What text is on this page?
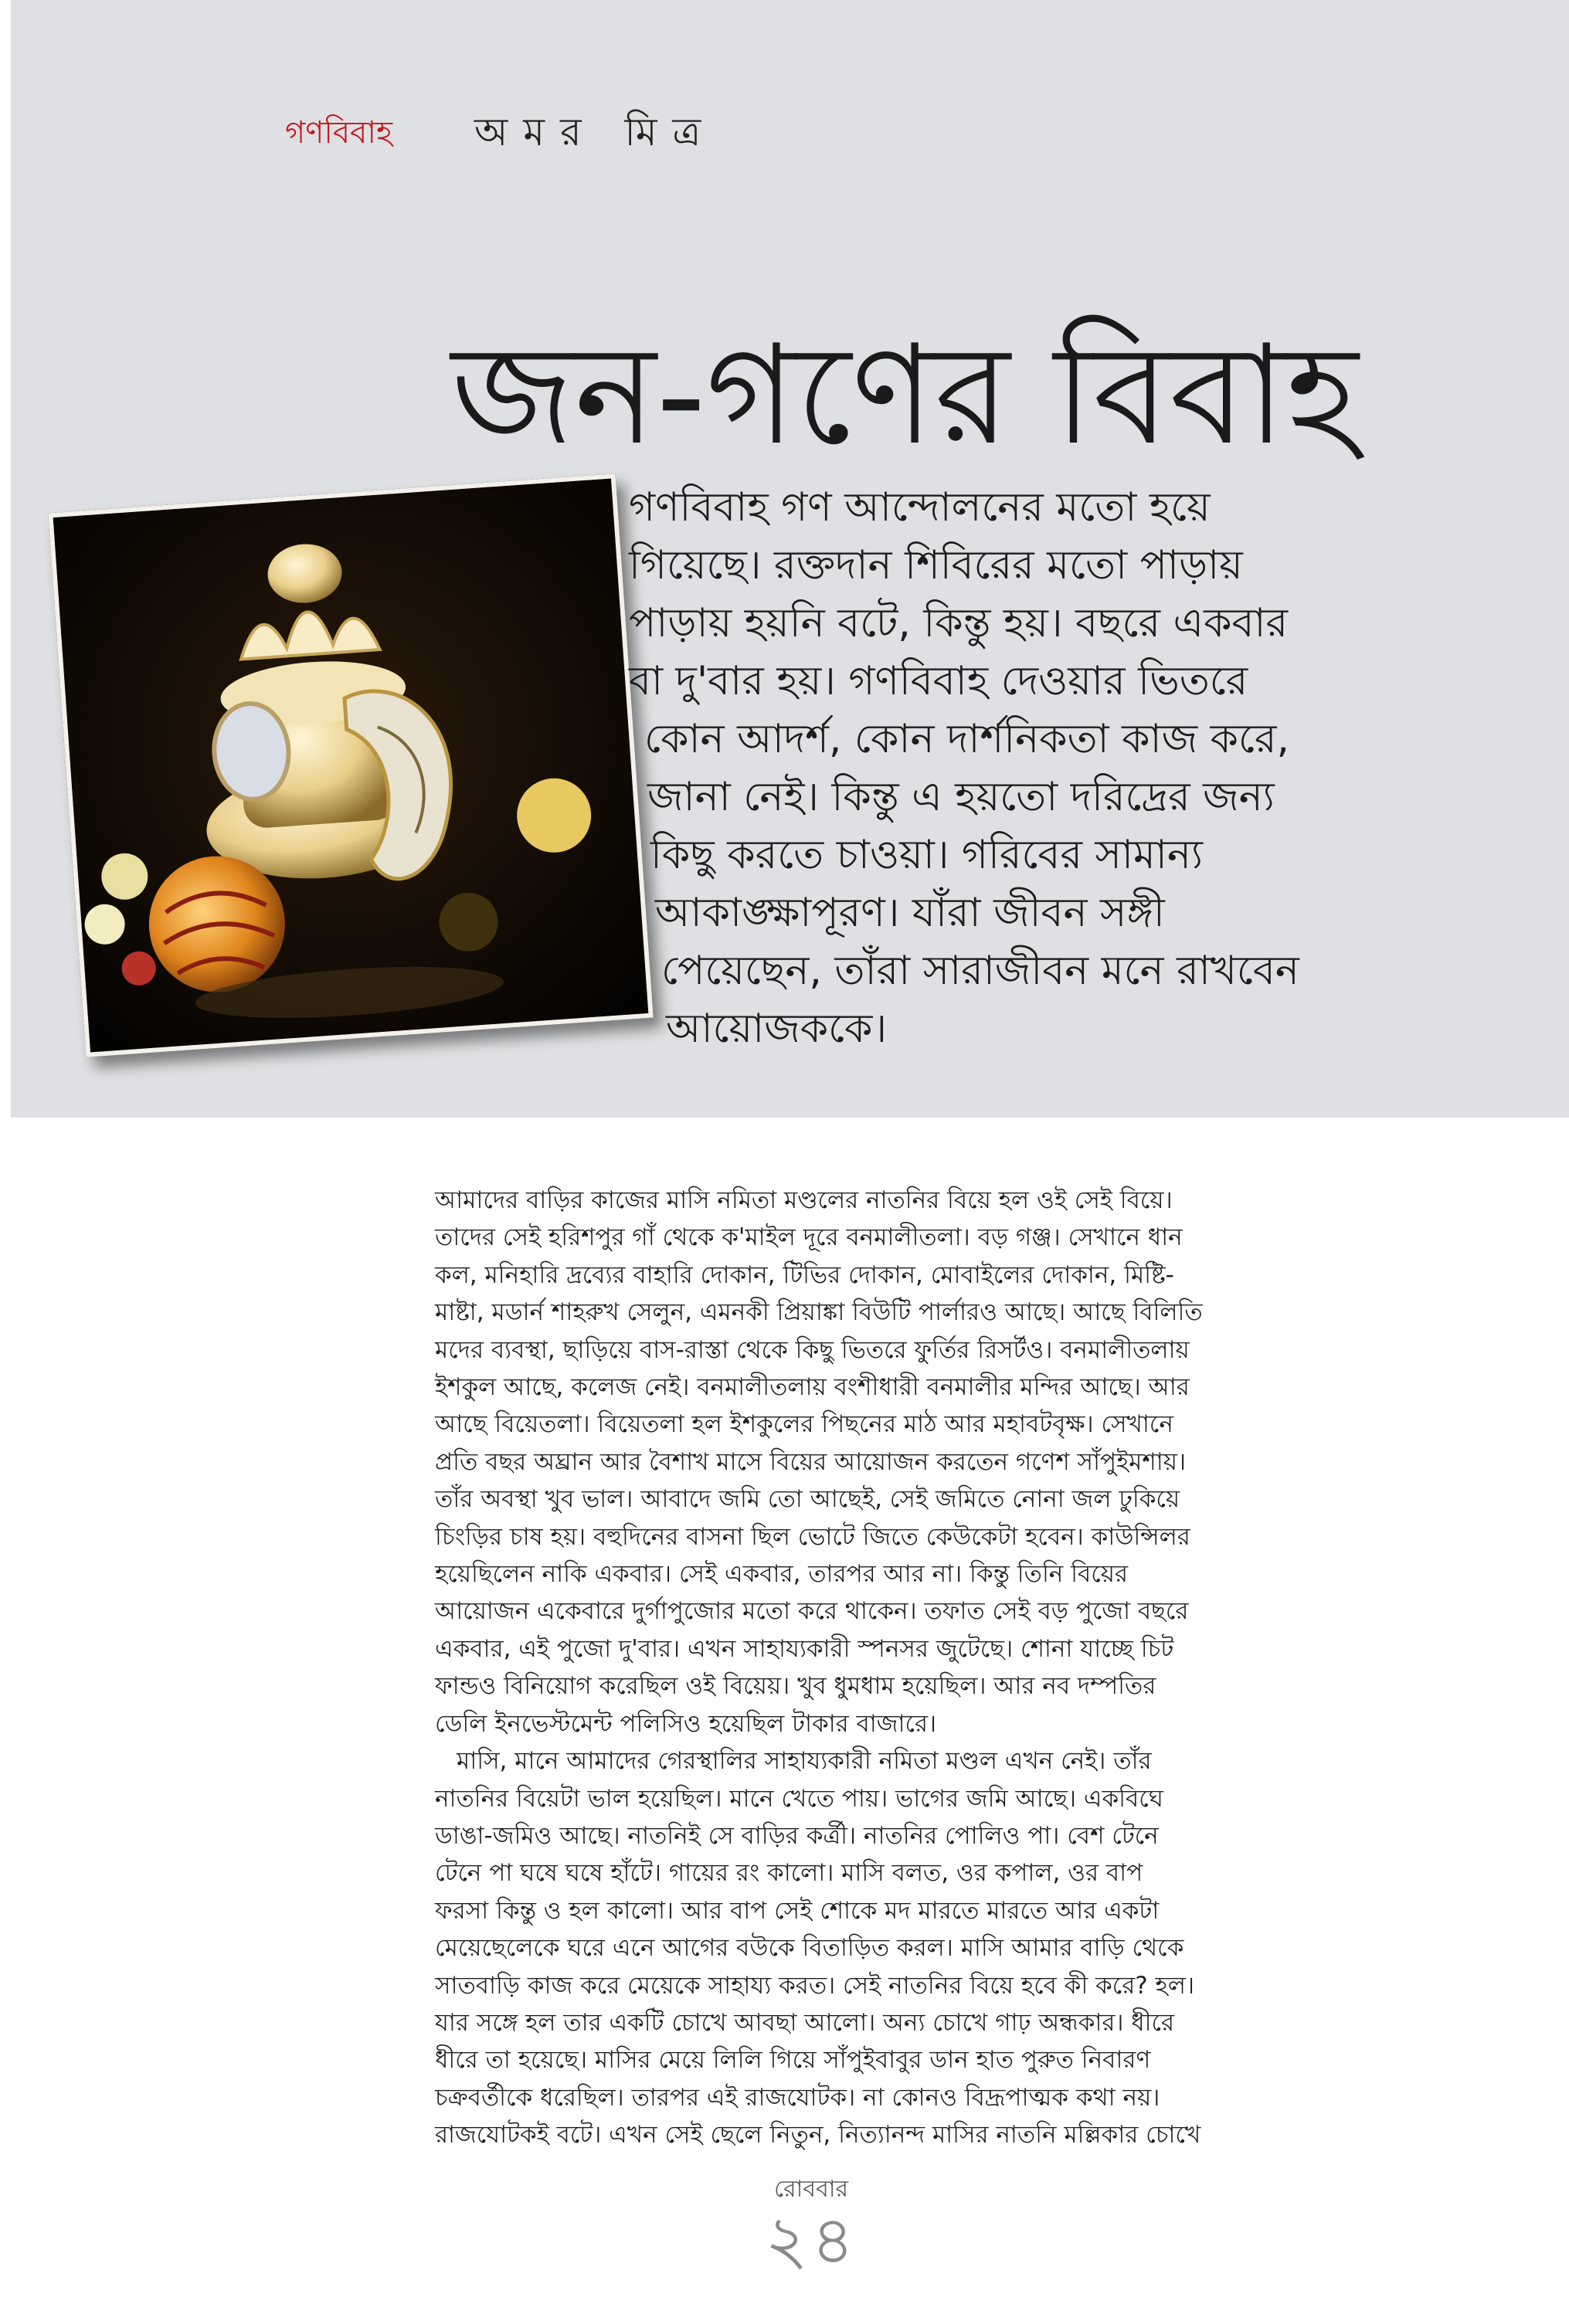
গণবিবাহ অমর মিত্র
জন-গণের বিবাহ
গণবিবাহ গণ আন্দোলনের মতো হয়ে
গিয়েছে। রক্তদান শিবিরের মতো পাড়ায়
পাড়ায় হয়নি বটে, কিন্তু হয়। বছরে একবার
বা দু'বার হয়। গণবিবাহ দেওয়ার ভিতরে
কোন আদর্শ, কোন দার্শনিকতা কাজ করে,
জানা নেই। কিন্তু এ হয়তো দরিদ্রের জন্য
কিছু করতে চাওয়া। গরিবের সামান্য
আকাঙ্ক্ষাপূরণ। যাঁরা জীবন সঙ্গী
পেয়েছেন, তাঁরা সারাজীবন মনে রাখবেন
আয়োজককে।
আমাদের বাড়ির কাজের মাসি নমিতা মণ্ডলের নাতনির বিয়ে হল ওই সেই বিয়ে।
তাদের সেই হরিশপুর গাঁ থেকে ক'মাইল দূরে বনমালীতলা। বড় গঞ্জ। সেখানে ধান
কল, মনিহারি দ্রব্যের বাহারি দোকান, টিভির দোকান, মোবাইলের দোকান, মিষ্টি-
মাষ্টা, মডার্ন শাহরুখ সেলুন, এমনকী প্রিয়াঙ্কা বিউটি পার্লারও আছে। আছে বিলিতি
মদের ব্যবস্থা, ছাড়িয়ে বাস-রাস্তা থেকে কিছু ভিতরে ফুর্তির রিসর্টও। বনমালীতলায়
ইশকুল আছে, কলেজ নেই। বনমালীতলায় বংশীধারী বনমালীর মন্দির আছে। আর
আছে বিয়েতলা। বিয়েতলা হল ইশকুলের পিছনের মাঠ আর মহাবটবৃক্ষ। সেখানে
প্রতি বছর অঘ্রান আর বৈশাখ মাসে বিয়ের আয়োজন করতেন গণেশ সাঁপুইমশায়।
তাঁর অবস্থা খুব ভাল। আবাদে জমি তো আছেই, সেই জমিতে নোনা জল ঢুকিয়ে
চিংড়ির চাষ হয়। বহুদিনের বাসনা ছিল ভোটে জিতে কেউকেটা হবেন। কাউন্সিলর
হয়েছিলেন নাকি একবার। সেই একবার, তারপর আর না। কিন্তু তিনি বিয়ের
আয়োজন একেবারে দুর্গাপুজোর মতো করে থাকেন। তফাত সেই বড় পুজো বছরে
একবার, এই পুজো দু'বার। এখন সাহায্যকারী স্পনসর জুটেছে। শোনা যাচ্ছে চিট
ফান্ডও বিনিয়োগ করেছিল ওই বিয়েয়। খুব ধুমধাম হয়েছিল। আর নব দম্পতির
ডেলি ইনভেস্টমেন্ট পলিসিও হয়েছিল টাকার বাজারে।
মাসি, মানে আমাদের গেরস্থালির সাহায্যকারী নমিতা মণ্ডল এখন নেই। তাঁর
নাতনির বিয়েটা ভাল হয়েছিল। মানে খেতে পায়। ভাগের জমি আছে। একবিঘে
ডাঙা-জমিও আছে। নাতনিই সে বাড়ির কর্ত্রী। নাতনির পোলিও পা। বেশ টেনে
টেনে পা ঘষে ঘষে হাঁটে। গায়ের রং কালো। মাসি বলত, ওর কপাল, ওর বাপ
ফরসা কিন্তু ও হল কালো। আর বাপ সেই শোকে মদ মারতে মারতে আর একটা
মেয়েছেলেকে ঘরে এনে আগের বউকে বিতাড়িত করল। মাসি আমার বাড়ি থেকে
সাতবাড়ি কাজ করে মেয়েকে সাহায্য করত। সেই নাতনির বিয়ে হবে কী করে? হল।
যার সঙ্গে হল তার একটি চোখে আবছা আলো। অন্য চোখে গাঢ় অন্ধকার। ধীরে
ধীরে তা হয়েছে। মাসির মেয়ে লিলি গিয়ে সাঁপুইবাবুর ডান হাত পুরুত নিবারণ
চক্রবর্তীকে ধরেছিল। তারপর এই রাজযোটক। না কোনও বিদ্রূপাত্মক কথা নয়।
রাজযোটকই বটে। এখন সেই ছেলে নিতুন, নিত্যানন্দ মাসির নাতনি মল্লিকার চোখে
রোববার
২৪
